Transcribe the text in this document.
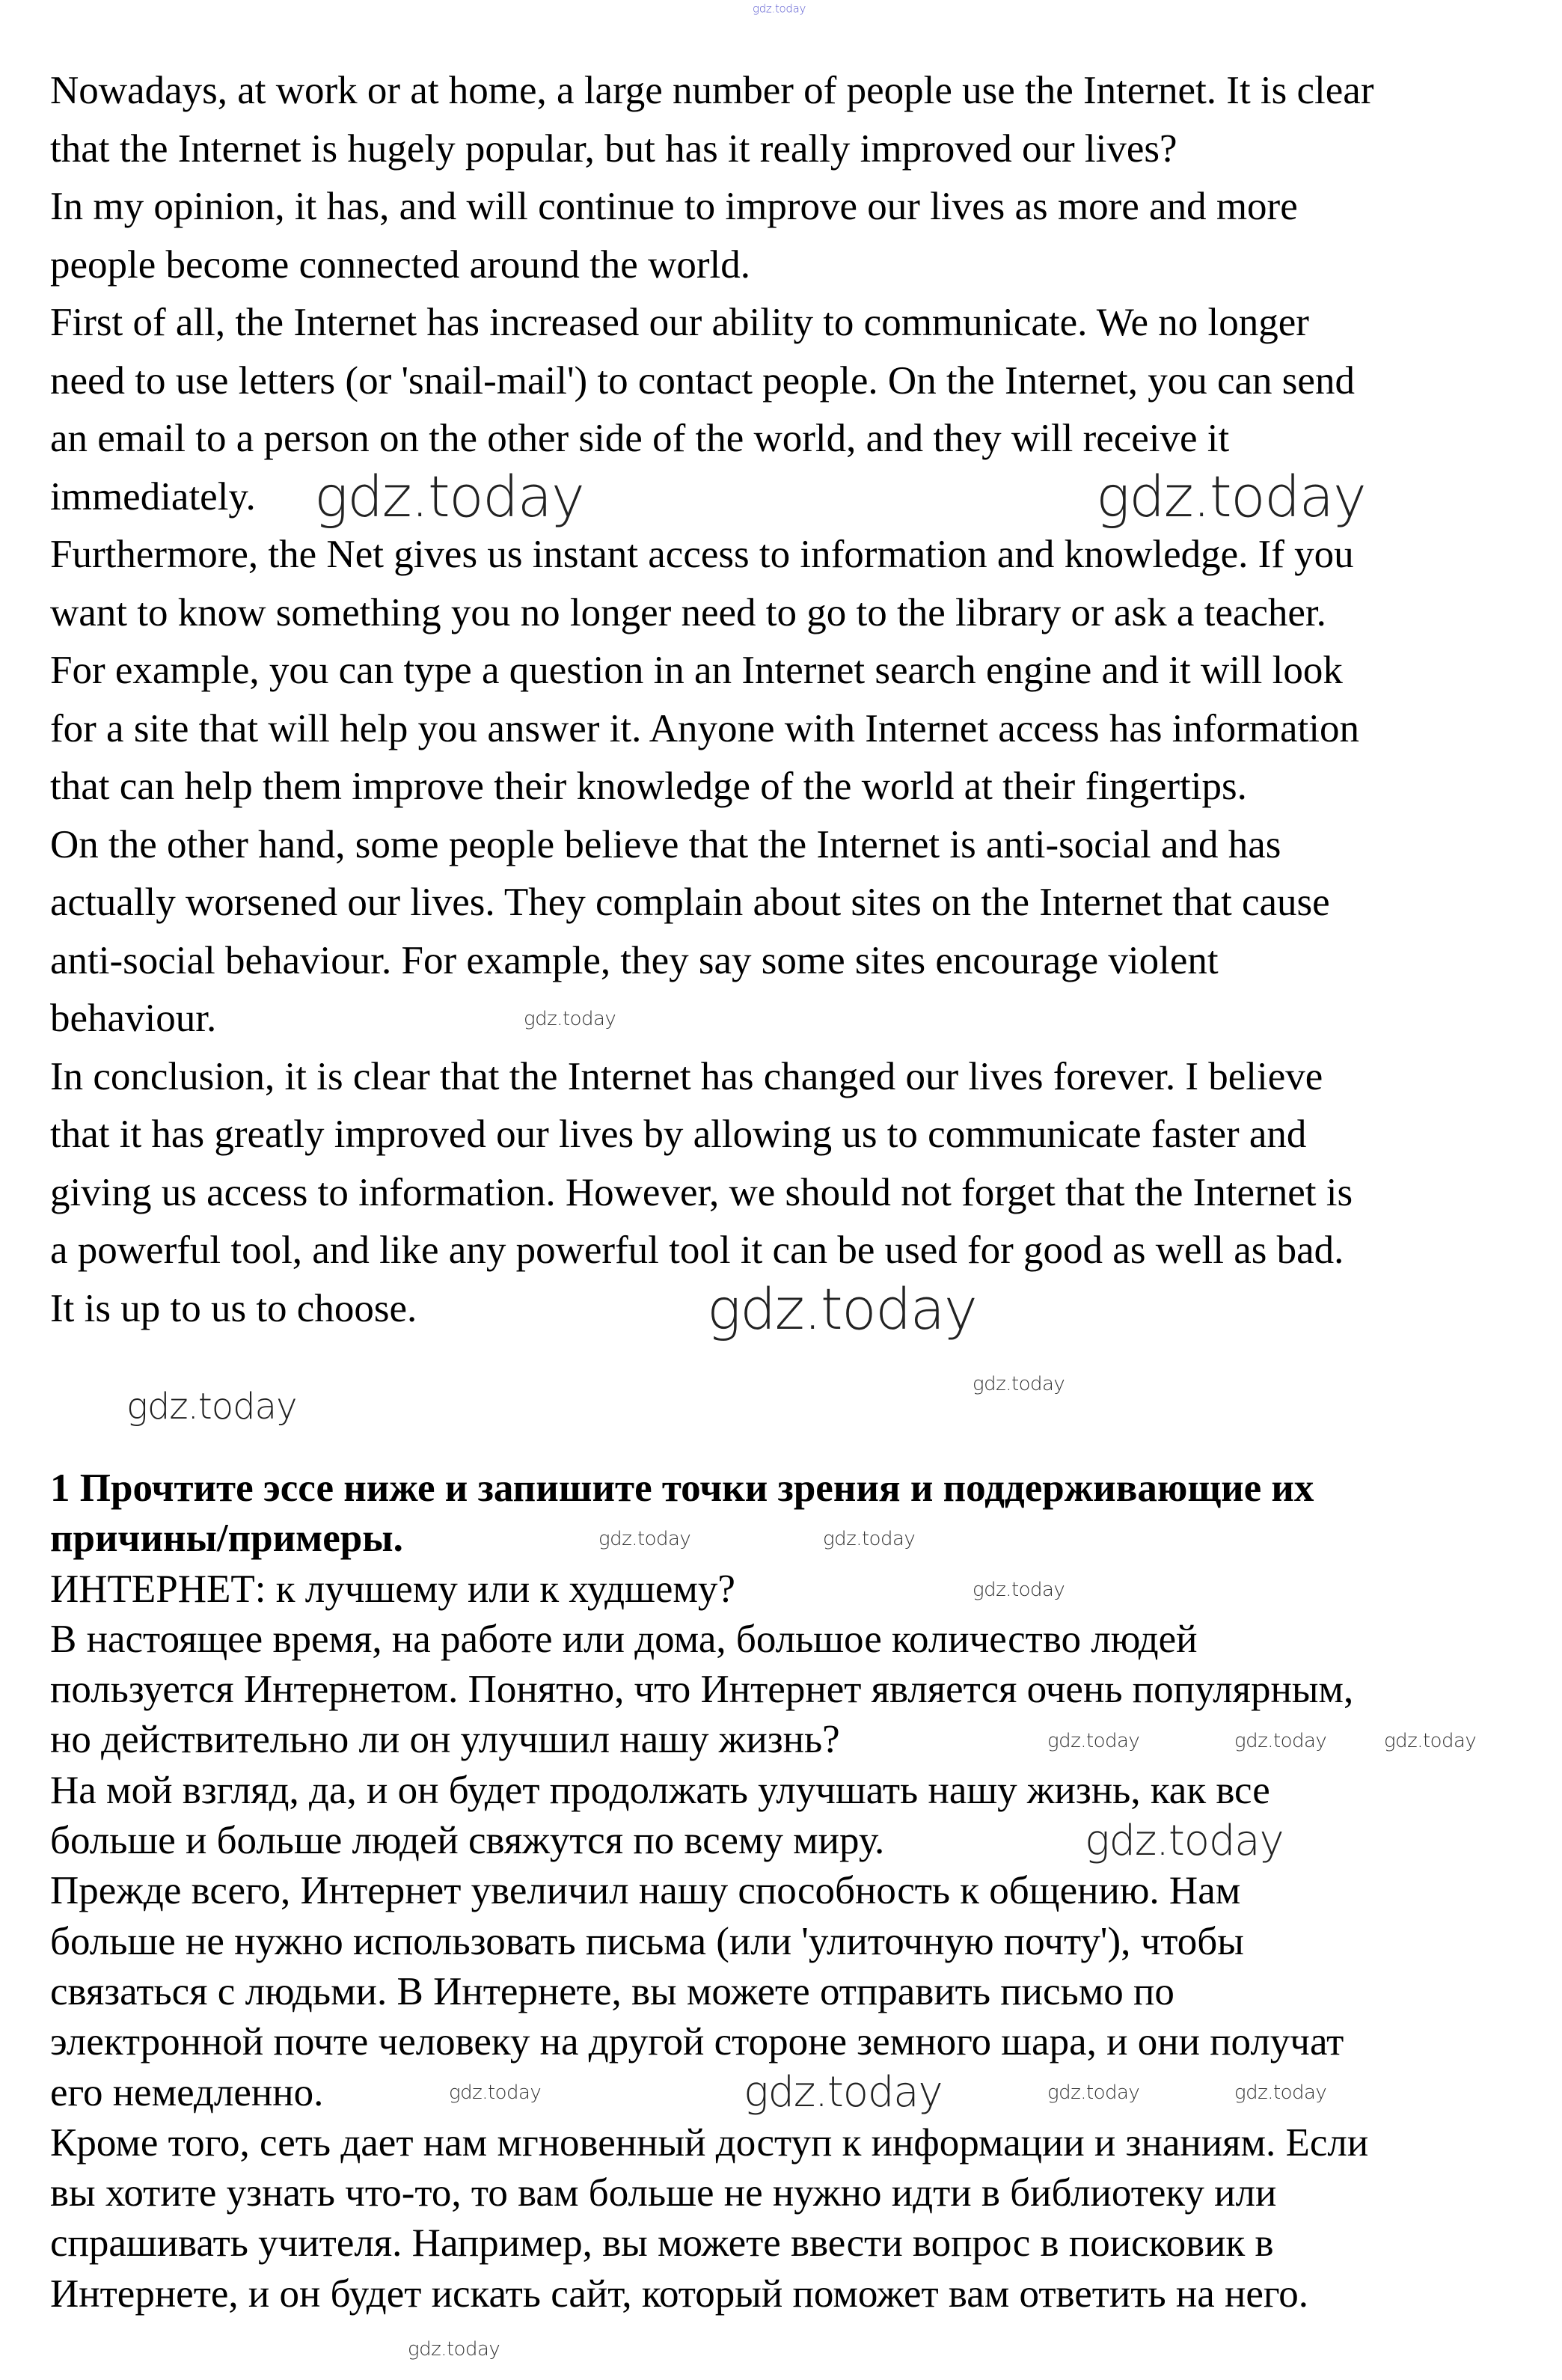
Nowadays, at work or at home, a large number of people use the Internet. It is clear
that the Internet is hugely popular, but has it really improved our lives?
In my opinion, it has, and will continue to improve our lives as more and more
people become connected around the world.
First of all, the Internet has increased our ability to communicate. We no longer
need to use letters (or 'snail-mail') to contact people. On the Internet, you can send
an email to a person on the other side of the world, and they will receive it
immediately.
Furthermore, the Net gives us instant access to information and knowledge. If you
want to know something you no longer need to go to the library or ask a teacher.
For example, you can type a question in an Internet search engine and it will look
for a site that will help you answer it. Anyone with Internet access has information
that can help them improve their knowledge of the world at their fingertips.
On the other hand, some people believe that the Internet is anti-social and has
actually worsened our lives. They complain about sites on the Internet that cause
anti-social behaviour. For example, they say some sites encourage violent
behaviour.
In conclusion, it is clear that the Internet has changed our lives forever. I believe
that it has greatly improved our lives by allowing us to communicate faster and
giving us access to information. However, we should not forget that the Internet is
a powerful tool, and like any powerful tool it can be used for good as well as bad.
It is up to us to choose.
1 Прочтите эссе ниже и запишите точки зрения и поддерживающие их
причины/примеры.
ИНТЕРНЕТ: к лучшему или к худшему?
В настоящее время, на работе или дома, большое количество людей
пользуется Интернетом. Понятно, что Интернет является очень популярным,
но действительно ли он улучшил нашу жизнь?
На мой взгляд, да, и он будет продолжать улучшать нашу жизнь, как все
больше и больше людей свяжутся по всему миру.
Прежде всего, Интернет увеличил нашу способность к общению. Нам
больше не нужно использовать письма (или 'улиточную почту'), чтобы
связаться с людьми. В Интернете, вы можете отправить письмо по
электронной почте человеку на другой стороне земного шара, и они получат
его немедленно.
Кроме того, сеть дает нам мгновенный доступ к информации и знаниям. Если
вы хотите узнать что-то, то вам больше не нужно идти в библиотеку или
спрашивать учителя. Например, вы можете ввести вопрос в поисковик в
Интернете, и он будет искать сайт, который поможет вам ответить на него.
gdz.today
gdz.today	gdz.today
gdz.today
gdz.today
gdz.today
gdz.today
gdz.today	gdz.today	gdz.today
gdz.today
gdz.today
gdz.today	gdz.today
gdz.today
gdz.today	gdz.today	gdz.today
gdz.today
